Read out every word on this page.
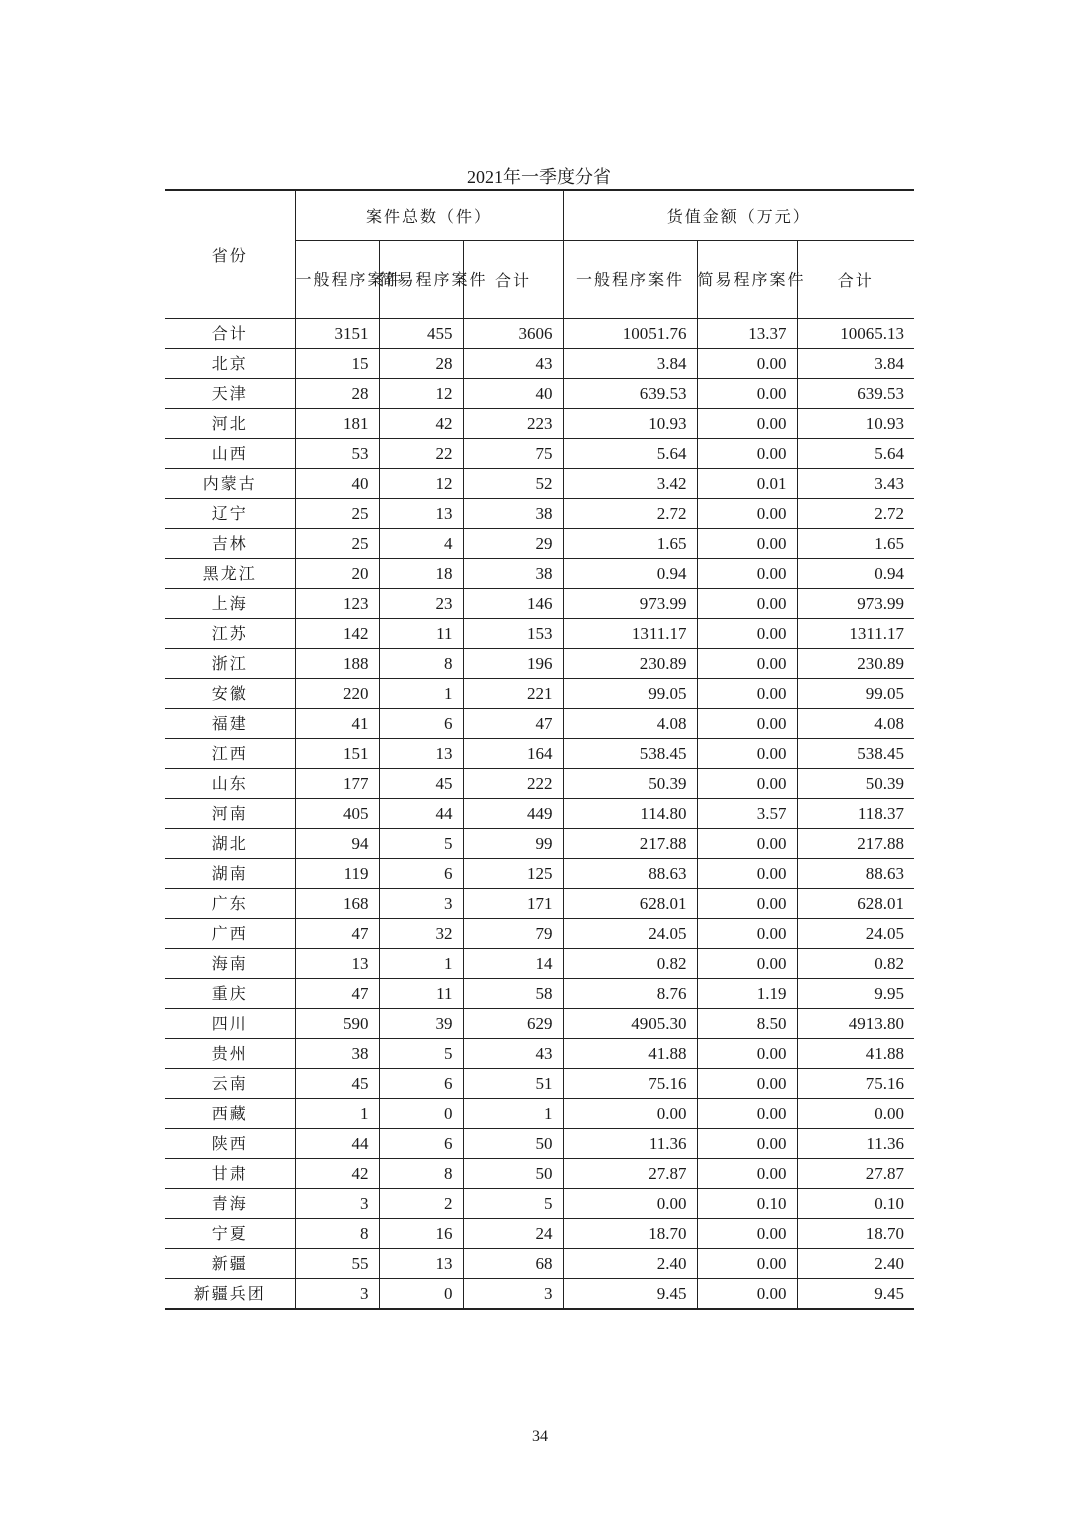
2021年一季度分省
省份	案件总数（件）			货值金额（万元）		
	一般程序案件	简易程序案件	合计	一般程序案件	简易程序案件	合计
合计	3151	455	3606	10051.76	13.37	10065.13
北京	15	28	43	3.84	0.00	3.84
天津	28	12	40	639.53	0.00	639.53
河北	181	42	223	10.93	0.00	10.93
山西	53	22	75	5.64	0.00	5.64
内蒙古	40	12	52	3.42	0.01	3.43
辽宁	25	13	38	2.72	0.00	2.72
吉林	25	4	29	1.65	0.00	1.65
黑龙江	20	18	38	0.94	0.00	0.94
上海	123	23	146	973.99	0.00	973.99
江苏	142	11	153	1311.17	0.00	1311.17
浙江	188	8	196	230.89	0.00	230.89
安徽	220	1	221	99.05	0.00	99.05
福建	41	6	47	4.08	0.00	4.08
江西	151	13	164	538.45	0.00	538.45
山东	177	45	222	50.39	0.00	50.39
河南	405	44	449	114.80	3.57	118.37
湖北	94	5	99	217.88	0.00	217.88
湖南	119	6	125	88.63	0.00	88.63
广东	168	3	171	628.01	0.00	628.01
广西	47	32	79	24.05	0.00	24.05
海南	13	1	14	0.82	0.00	0.82
重庆	47	11	58	8.76	1.19	9.95
四川	590	39	629	4905.30	8.50	4913.80
贵州	38	5	43	41.88	0.00	41.88
云南	45	6	51	75.16	0.00	75.16
西藏	1	0	1	0.00	0.00	0.00
陕西	44	6	50	11.36	0.00	11.36
甘肃	42	8	50	27.87	0.00	27.87
青海	3	2	5	0.00	0.10	0.10
宁夏	8	16	24	18.70	0.00	18.70
新疆	55	13	68	2.40	0.00	2.40
新疆兵团	3	0	3	9.45	0.00	9.45
34
